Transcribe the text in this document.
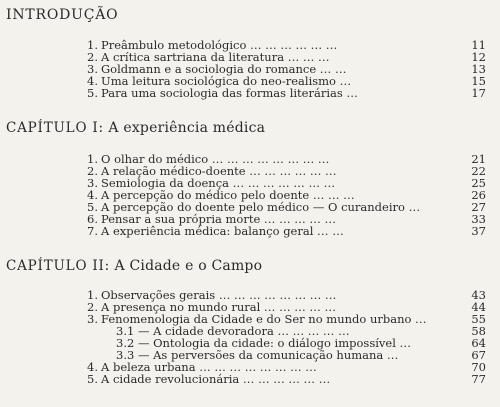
INTRODUÇÃO
1. Preâmbulo metodológico … … … … … …	11
2. A crítica sartriana da literatura … … …	12
3. Goldmann e a sociologia do romance … …	13
4. Uma leitura sociológica do neo-realismo …	15
5. Para uma sociologia das formas literárias …	17
CAPÍTULO I: A experiência médica
1. O olhar do médico … … … … … … … …	21
2. A relação médico-doente … … … … … …	22
3. Semiologia da doença … … … … … … …	25
4. A percepção do médico pelo doente … … …	26
5. A percepção do doente pelo médico — O curandeiro …	27
6. Pensar a sua própria morte … … … … …	33
7. A experiência médica: balanço geral … …	37
CAPÍTULO II: A Cidade e o Campo
1. Observações gerais … … … … … … … …	43
2. A presença no mundo rural … … … … …	44
3. Fenomenologia da Cidade e do Ser no mundo urbano …	55
3.1 — A cidade devoradora … … … … …	58
3.2 — Ontologia da cidade: o diálogo impossível …	64
3.3 — As perversões da comunicação humana …	67
4. A beleza urbana … … … … … … … …	70
5. A cidade revolucionária … … … … … …	77
